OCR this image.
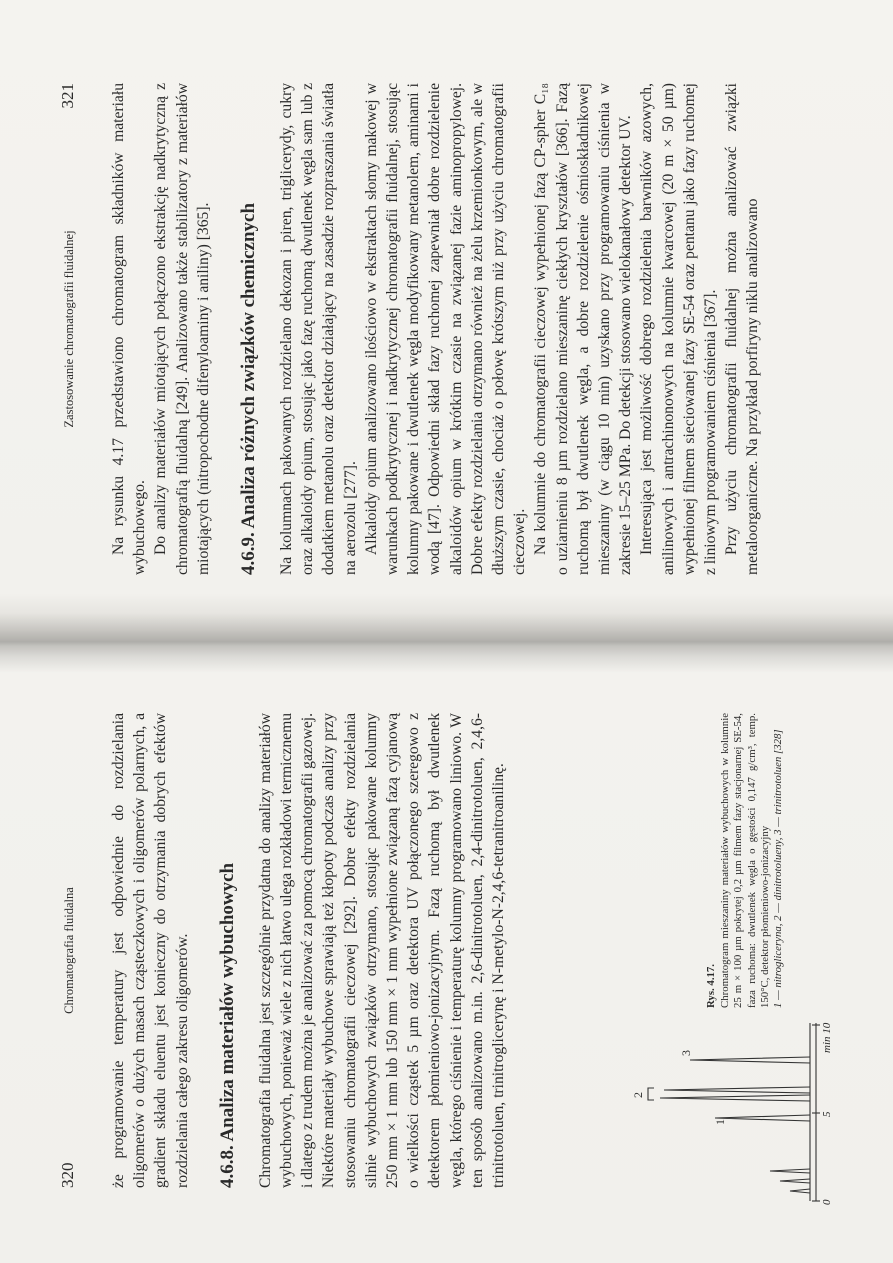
320
Chromatografia fluidalna że programowanie temperatury jest odpowiednie do rozdzielania oligomerów o dużych masach cząsteczkowych i oligomerów polarnych, a gradient składu eluentu jest konieczny do otrzymania dobrych efektów rozdzielania całego zakresu oligomerów. 4.6.8. Analiza materiałów wybuchowych Chromatografia fluidalna jest szczególnie przydatna do analizy materiałów wybuchowych, ponieważ wiele z nich łatwo ulega rozkładowi termicznemu i dlatego z trudem można je analizować za pomocą chromatografii gazowej. Niektóre materiały wybuchowe sprawiają też kłopoty podczas analizy przy stosowaniu chromatografii cieczowej [292]. Dobre efekty rozdzielania silnie wybuchowych związków otrzymano, stosując pakowane kolumny 250 mm × 1 mm lub 150 mm × 1 mm wypełnione związaną fazą cyjanową o wielkości cząstek 5 µm oraz detektora UV połączonego szeregowo z detektorem płomieniowo-jonizacyjnym. Fazą ruchomą był dwutlenek węgla, którego ciśnienie i temperaturę kolumny programowano liniowo. W ten sposób analizowano m.in. 2,6-dinitrotoluen, 2,4-dinitrotoluen, 2,4,6-trinitrotoluen, trinitroglicerynę i N-metylo-N-2,4,6-tetranitroanilinę.	1
2
3
0
5
min 10
Rys. 4.17. Chromatogram mieszaniny materiałów wybuchowych w kolumnie 25 m × 100 µm pokrytej 0,2 µm filmem fazy stacjonarnej SE-54, faza ruchoma: dwutlenek węgla o gęstości 0,147 g/cm³, temp. 150°C, detektor płomieniowo-jonizacyjny
1 — nitrogliceryna, 2 — dinitrotolueny, 3 — trinitrotoluen [328]
Zastosowanie chromatografii fluidalnej
321 Na rysunku 4.17 przedstawiono chromatogram składników materiału wybuchowego. Do analizy materiałów miotających połączono ekstrakcję nadkrytyczną z chromatografią fluidalną [249]. Analizowano także stabilizatory z materiałów miotających (nitropochodne difenyloaminy i aniliny) [365]. 4.6.9. Analiza różnych związków chemicznych Na kolumnach pakowanych rozdzielano dekozan i piren, triglicerydy, cukry oraz alkaloidy opium, stosując jako fazę ruchomą dwutlenek węgla sam lub z dodatkiem metanolu oraz detektor działający na zasadzie rozpraszania światła na aerozolu [277]. Alkaloidy opium analizowano ilościowo w ekstraktach słomy makowej w warunkach podkrytycznej i nadkrytycznej chromatografii fluidalnej, stosując kolumny pakowane i dwutlenek węgla modyfikowany metanolem, aminami i wodą [47]. Odpowiedni skład fazy ruchomej zapewniał dobre rozdzielenie alkaloidów opium w krótkim czasie na związanej fazie aminopropylowej. Dobre efekty rozdzielania otrzymano również na żelu krzemionkowym, ale w dłuższym czasie, chociaż o połowę krótszym niż przy użyciu chromatografii cieczowej. Na kolumnie do chromatografii cieczowej wypełnionej fazą CP-spher C₁₈ o uziarnieniu 8 µm rozdzielano mieszaninę ciekłych kryształów [366]. Fazą ruchomą był dwutlenek węgla, a dobre rozdzielenie ośmioskładnikowej mieszaniny (w ciągu 10 min) uzyskano przy programowaniu ciśnienia w zakresie 15–25 MPa. Do detekcji stosowano wielokanałowy detektor UV. Interesująca jest możliwość dobrego rozdzielenia barwników azowych, anilinowych i antrachinonowych na kolumnie kwarcowej (20 m × 50 µm) wypełnionej filmem sieciowanej fazy SE-54 oraz pentanu jako fazy ruchomej z liniowym programowaniem ciśnienia [367]. Przy użyciu chromatografii fluidalnej można analizować związki metaloorganiczne. Na przykład porfiryny niklu analizowano
